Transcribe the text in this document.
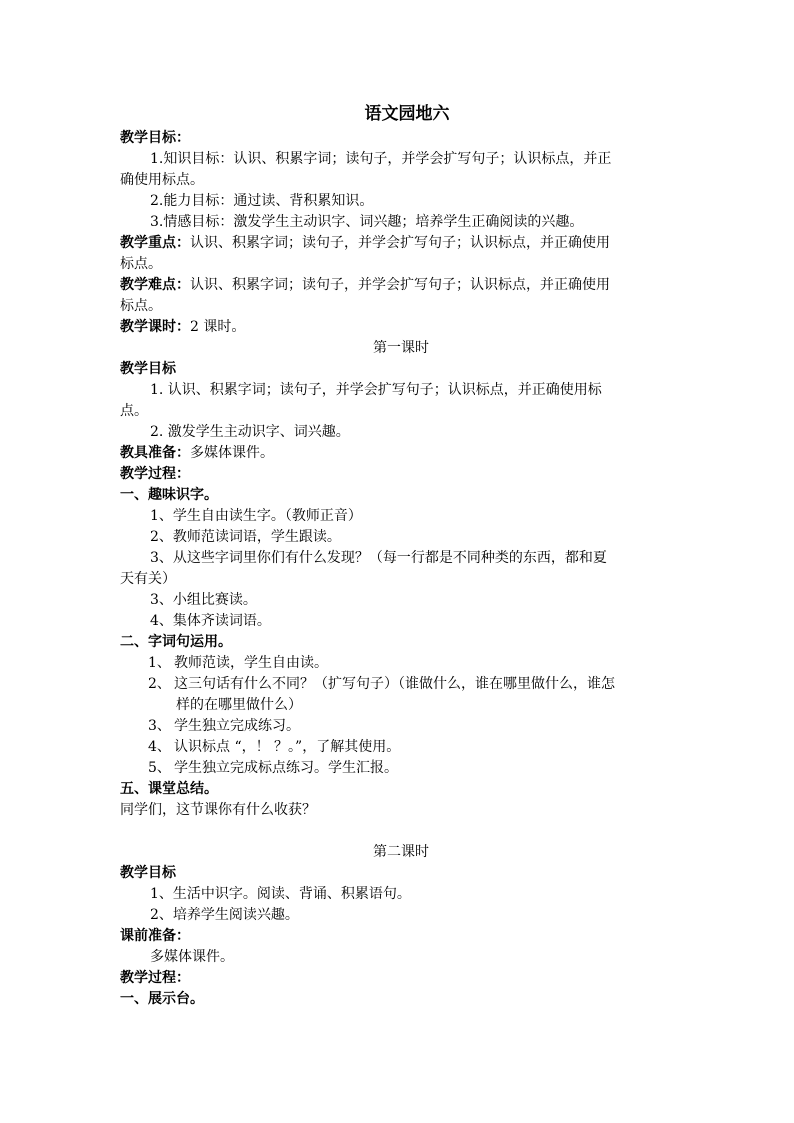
语文园地六
教学目标：
1.知识目标：认识、积累字词；读句子，并学会扩写句子；认识标点，并正
确使用标点。
2.能力目标：通过读、背积累知识。
3.情感目标：激发学生主动识字、词兴趣；培养学生正确阅读的兴趣。
教学重点：认识、积累字词；读句子，并学会扩写句子；认识标点，并正确使用
标点。
教学难点：认识、积累字词；读句子，并学会扩写句子；认识标点，并正确使用
标点。
教学课时：2 课时。
第一课时
教学目标
1. 认识、积累字词；读句子，并学会扩写句子；认识标点，并正确使用标
点。
2. 激发学生主动识字、词兴趣。
教具准备：多媒体课件。
教学过程：
一、趣味识字。
1、学生自由读生字。（教师正音）
2、教师范读词语，学生跟读。
3、从这些字词里你们有什么发现？（每一行都是不同种类的东西，都和夏
天有关）
3、小组比赛读。
4、集体齐读词语。
二、字词句运用。
1、 教师范读，学生自由读。
2、 这三句话有什么不同？（扩写句子）（谁做什么，谁在哪里做什么，谁怎
样的在哪里做什么）
3、 学生独立完成练习。
4、 认识标点 “，！ ？。”，了解其使用。
5、 学生独立完成标点练习。学生汇报。
五、课堂总结。
同学们，这节课你有什么收获？
第二课时
教学目标
1、生活中识字。阅读、背诵、积累语句。
2、培养学生阅读兴趣。
课前准备：
多媒体课件。
教学过程：
一、展示台。
